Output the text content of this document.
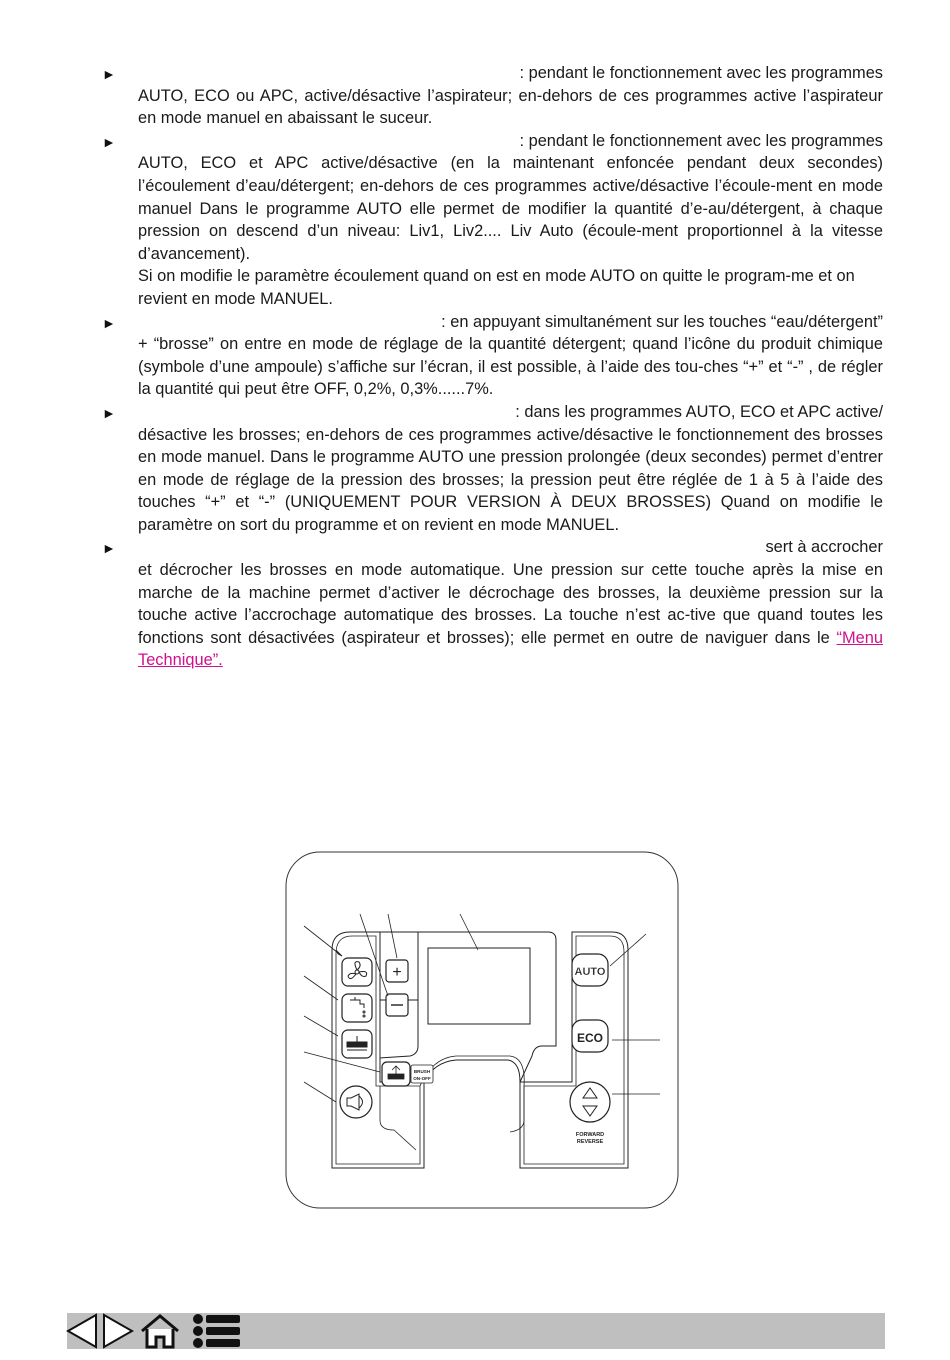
►	: pendant le fonctionnement avec les programmes

AUTO, ECO ou APC, active/désactive l’aspirateur; en-dehors de ces programmes active l’aspirateur en mode manuel en abaissant le suceur.

►	: pendant le fonctionnement avec les programmes

AUTO, ECO et APC active/désactive (en la maintenant enfoncée pendant deux secondes) l’écoulement d’eau/détergent; en-dehors de ces programmes active/désactive l’écoule-ment en mode manuel Dans le programme AUTO elle permet de modifier la quantité d’e-au/détergent, à chaque pression on descend d’un niveau: Liv1, Liv2.... Liv Auto (écoule-ment proportionnel à la vitesse d’avancement).

Si on modifie le paramètre écoulement quand on est en mode AUTO on quitte le program-me et on revient en mode MANUEL.

►	: en appuyant simultanément sur les touches “eau/détergent”

+ “brosse” on entre en mode de réglage de la quantité détergent; quand l’icône du produit chimique (symbole d’une ampoule) s’affiche sur l’écran, il est possible, à l’aide des tou-ches “+” et “-” , de régler la quantité qui peut être OFF, 0,2%, 0,3%......7%.

►	: dans les programmes AUTO, ECO et APC active/

désactive les brosses; en-dehors de ces programmes active/désactive le fonctionnement des brosses en mode manuel. Dans le programme AUTO une pression prolongée (deux secondes) permet d’entrer en mode de réglage de la pression des brosses; la pression peut être réglée de 1 à 5 à l’aide des touches “+” et “-” (UNIQUEMENT POUR VERSION À DEUX BROSSES) Quand on modifie le paramètre on sort du programme et on revient en mode MANUEL.

►	sert à accrocher

et décrocher les brosses en mode automatique. Une pression sur cette touche après la mise en marche de la machine permet d’activer le décrochage des brosses, la deuxième pression sur la touche active l’accrochage automatique des brosses. La touche n’est ac-tive que quand toutes les fonctions sont désactivées (aspirateur et brosses); elle permet en outre de naviguer dans le “Menu Technique”.

+
BRUSH
ON-OFF
AUTO
ECO
FORWARD
REVERSE
